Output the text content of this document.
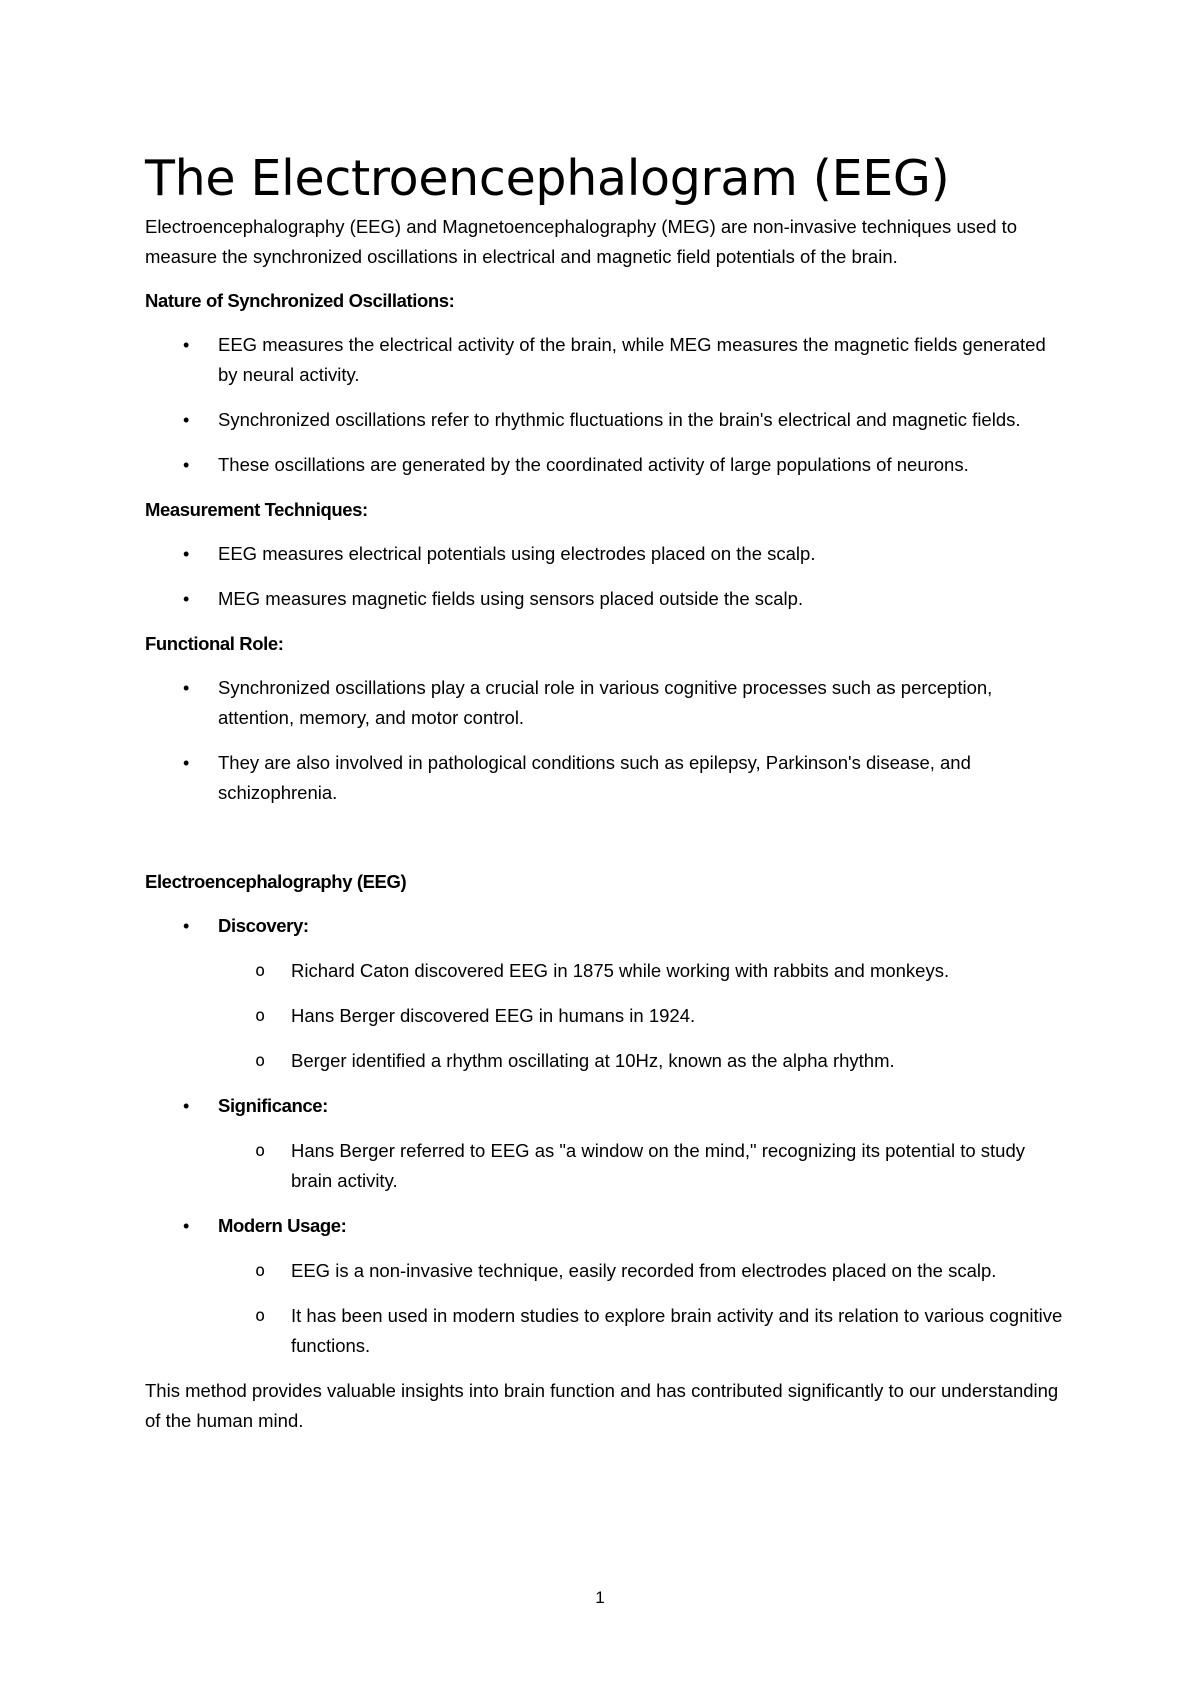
The Electroencephalogram (EEG)

Electroencephalography (EEG) and Magnetoencephalography (MEG) are non-invasive techniques used to measure the synchronized oscillations in electrical and magnetic field potentials of the brain.

Nature of Synchronized Oscillations:

• EEG measures the electrical activity of the brain, while MEG measures the magnetic fields generated by neural activity.
• Synchronized oscillations refer to rhythmic fluctuations in the brain's electrical and magnetic fields.
• These oscillations are generated by the coordinated activity of large populations of neurons.

Measurement Techniques:

• EEG measures electrical potentials using electrodes placed on the scalp.
• MEG measures magnetic fields using sensors placed outside the scalp.

Functional Role:

• Synchronized oscillations play a crucial role in various cognitive processes such as perception, attention, memory, and motor control.
• They are also involved in pathological conditions such as epilepsy, Parkinson's disease, and schizophrenia.

Electroencephalography (EEG)

• Discovery:
o Richard Caton discovered EEG in 1875 while working with rabbits and monkeys.
o Hans Berger discovered EEG in humans in 1924.
o Berger identified a rhythm oscillating at 10Hz, known as the alpha rhythm.
• Significance:
o Hans Berger referred to EEG as "a window on the mind," recognizing its potential to study brain activity.
• Modern Usage:
o EEG is a non-invasive technique, easily recorded from electrodes placed on the scalp.
o It has been used in modern studies to explore brain activity and its relation to various cognitive functions.

This method provides valuable insights into brain function and has contributed significantly to our understanding of the human mind.

1
